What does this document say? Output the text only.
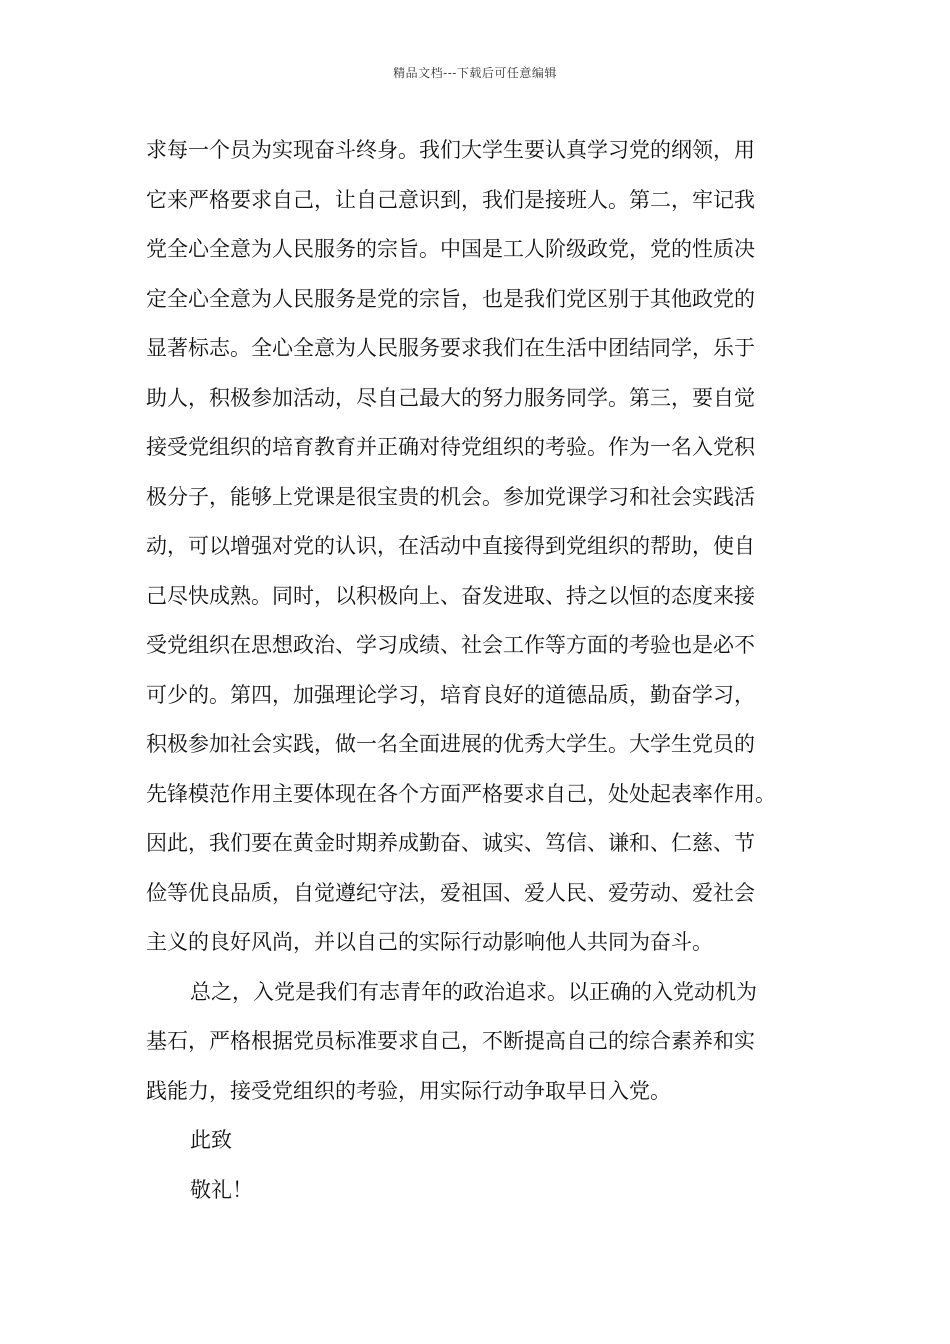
精品文档---下载后可任意编辑
求每一个员为实现奋斗终身。我们大学生要认真学习党的纲领，用
它来严格要求自己，让自己意识到，我们是接班人。第二，牢记我
党全心全意为人民服务的宗旨。中国是工人阶级政党，党的性质决
定全心全意为人民服务是党的宗旨，也是我们党区别于其他政党的
显著标志。全心全意为人民服务要求我们在生活中团结同学，乐于
助人，积极参加活动，尽自己最大的努力服务同学。第三，要自觉
接受党组织的培育教育并正确对待党组织的考验。作为一名入党积
极分子，能够上党课是很宝贵的机会。参加党课学习和社会实践活
动，可以增强对党的认识，在活动中直接得到党组织的帮助，使自
己尽快成熟。同时，以积极向上、奋发进取、持之以恒的态度来接
受党组织在思想政治、学习成绩、社会工作等方面的考验也是必不
可少的。第四，加强理论学习，培育良好的道德品质，勤奋学习，
积极参加社会实践，做一名全面进展的优秀大学生。大学生党员的
先锋模范作用主要体现在各个方面严格要求自己，处处起表率作用。
因此，我们要在黄金时期养成勤奋、诚实、笃信、谦和、仁慈、节
俭等优良品质，自觉遵纪守法，爱祖国、爱人民、爱劳动、爱社会
主义的良好风尚，并以自己的实际行动影响他人共同为奋斗。
总之，入党是我们有志青年的政治追求。以正确的入党动机为
基石，严格根据党员标准要求自己，不断提高自己的综合素养和实
践能力，接受党组织的考验，用实际行动争取早日入党。
此致
敬礼！
